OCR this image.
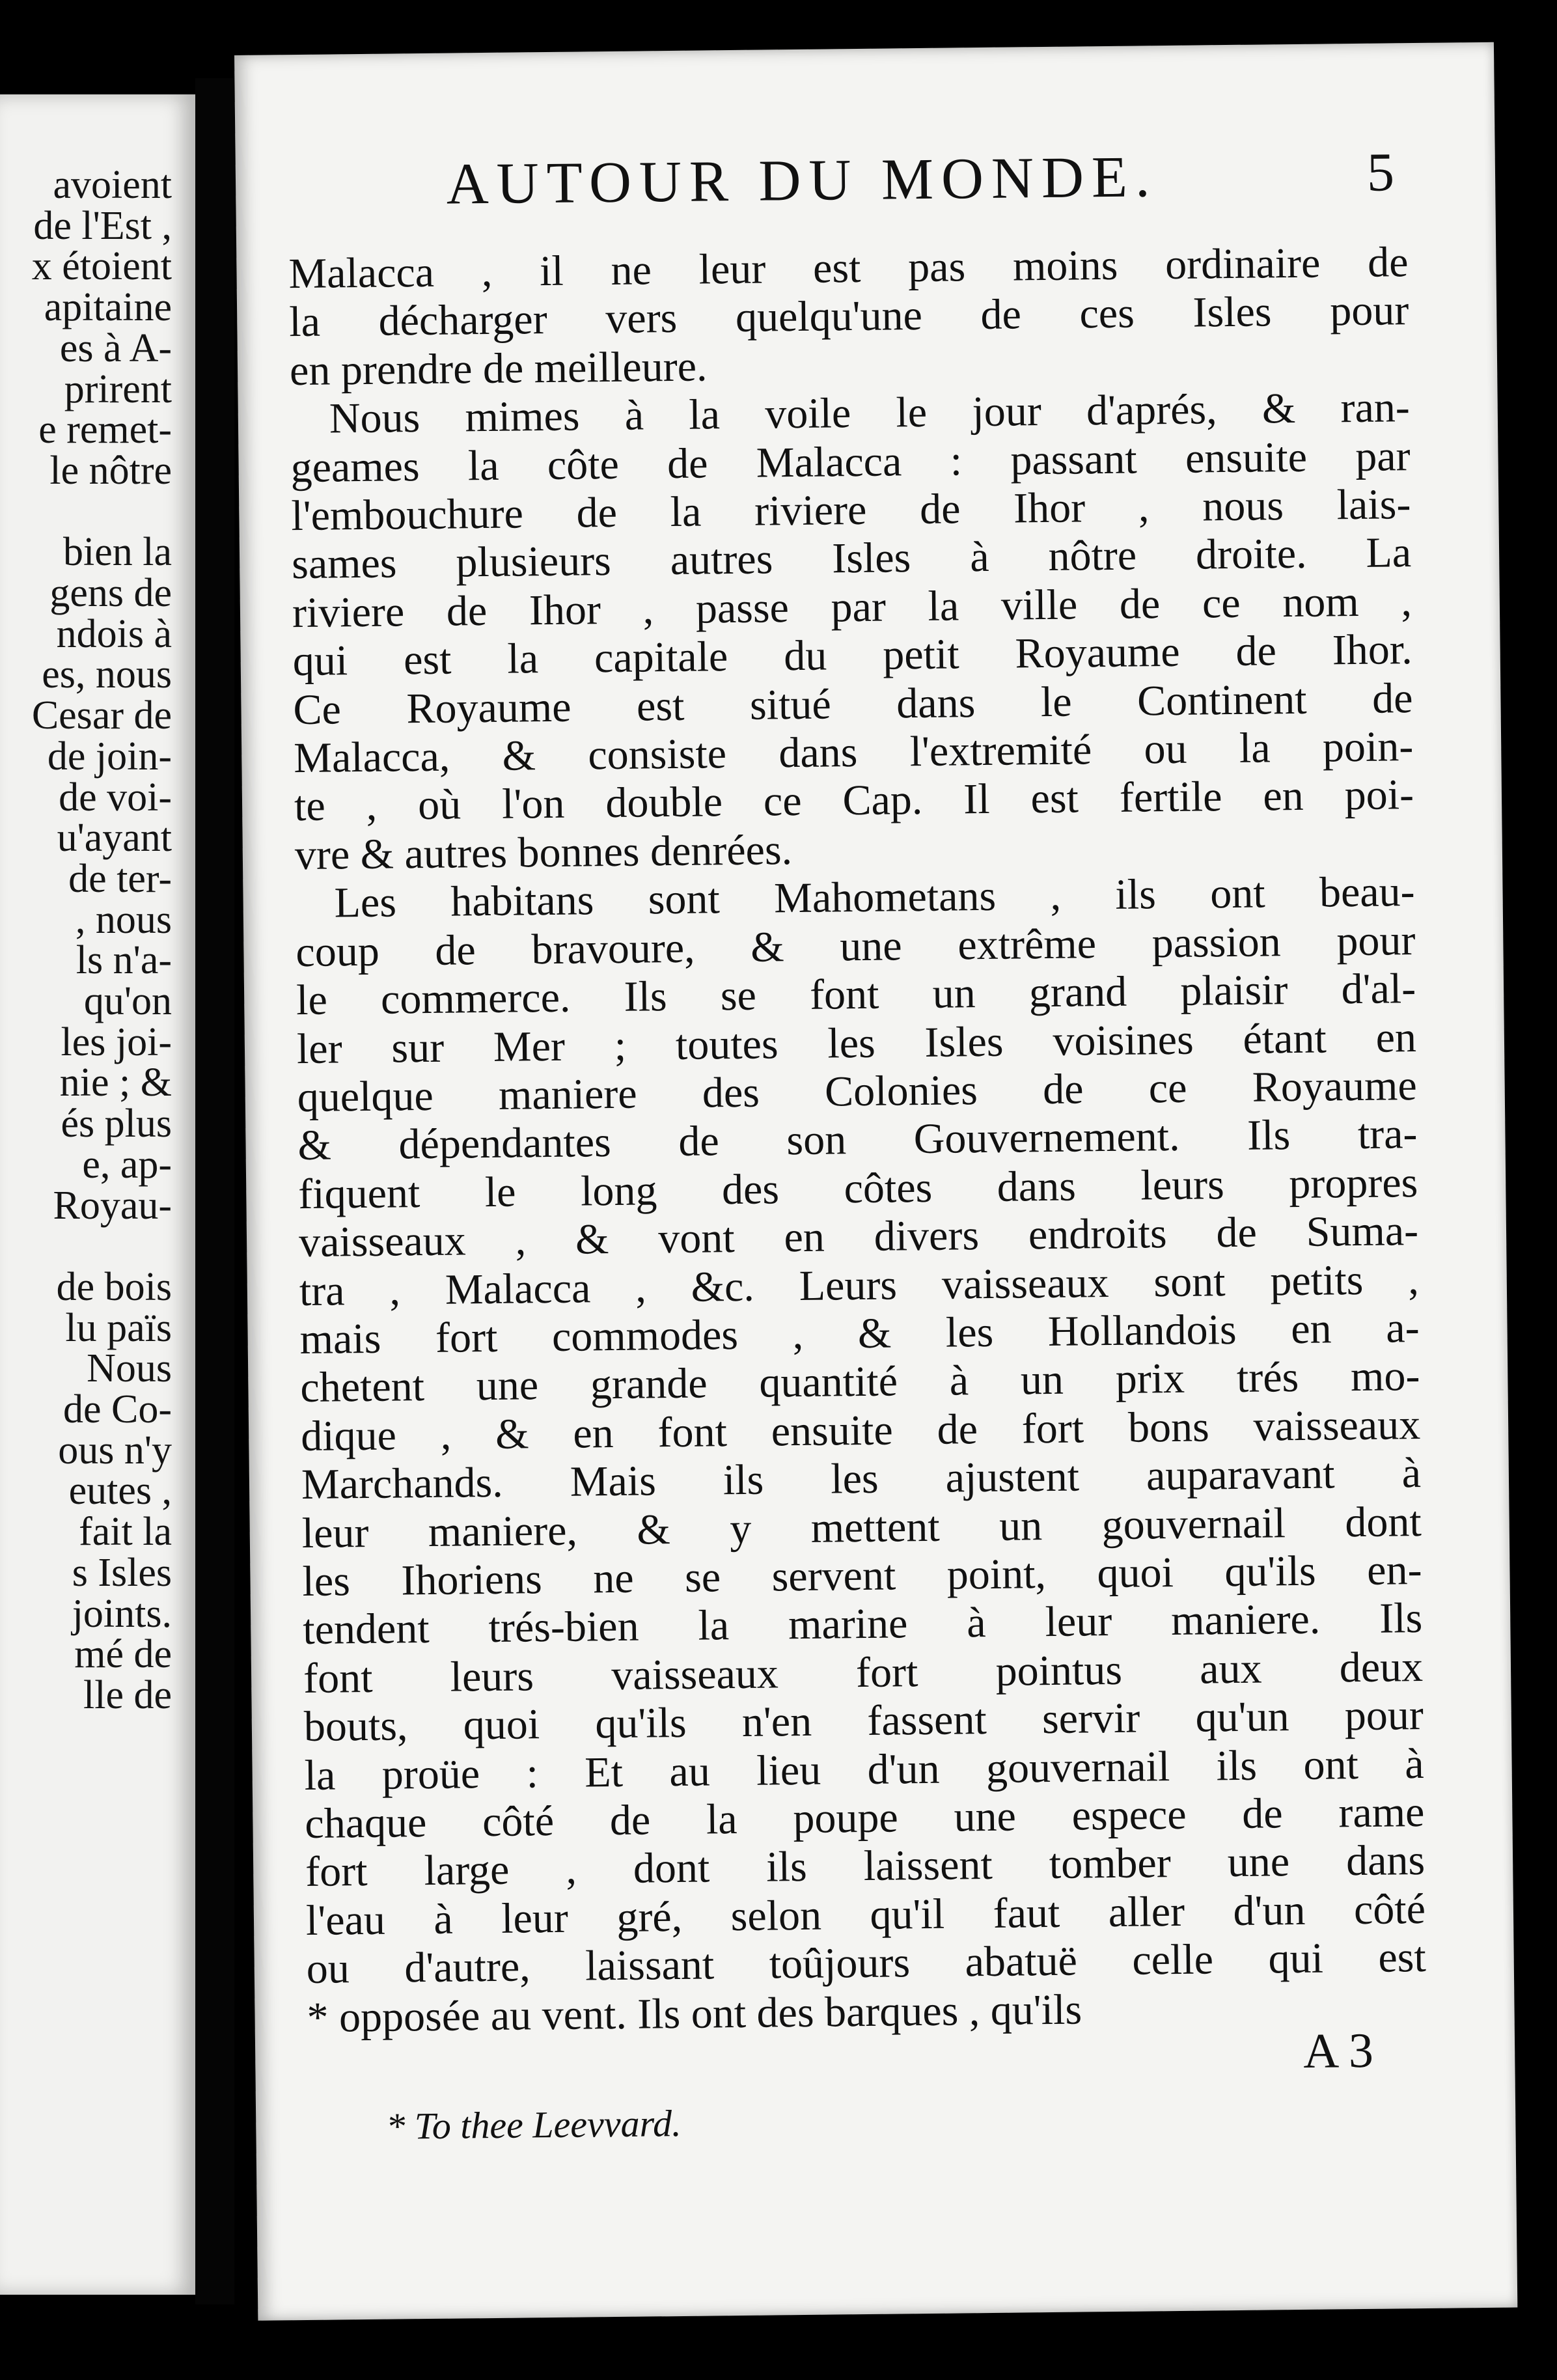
avoient
de l'Est ,
x étoient
apitaine
es à A-
prirent
e remet-
le nôtre
bien la
gens de
ndois à
es, nous
Cesar de
de join-
de voi-
u'ayant
de ter-
, nous
ls n'a-
qu'on
les joi-
nie ; &
és plus
e, ap-
Royau-
de bois
lu païs
Nous
de Co-
ous n'y
eutes ,
fait la
s Isles
joints.
mé de
lle de
AUTOUR DU MONDE.	5
Malacca , il ne leur est pas moins ordinaire de
la décharger vers quelqu'une de ces Isles pour
en prendre de meilleure.
Nous mimes à la voile le jour d'aprés, & ran-
geames la côte de Malacca : passant ensuite par
l'embouchure de la riviere de Ihor , nous lais-
sames plusieurs autres Isles à nôtre droite. La
riviere de Ihor , passe par la ville de ce nom ,
qui est la capitale du petit Royaume de Ihor.
Ce Royaume est situé dans le Continent de
Malacca, & consiste dans l'extremité ou la poin-
te , où l'on double ce Cap. Il est fertile en poi-
vre & autres bonnes denrées.
Les habitans sont Mahometans , ils ont beau-
coup de bravoure, & une extrême passion pour
le commerce. Ils se font un grand plaisir d'al-
ler sur Mer ; toutes les Isles voisines étant en
quelque maniere des Colonies de ce Royaume
& dépendantes de son Gouvernement. Ils tra-
fiquent le long des côtes dans leurs propres
vaisseaux , & vont en divers endroits de Suma-
tra , Malacca , &c. Leurs vaisseaux sont petits ,
mais fort commodes , & les Hollandois en a-
chetent une grande quantité à un prix trés mo-
dique , & en font ensuite de fort bons vaisseaux
Marchands. Mais ils les ajustent auparavant à
leur maniere, & y mettent un gouvernail dont
les Ihoriens ne se servent point, quoi qu'ils en-
tendent trés-bien la marine à leur maniere. Ils
font leurs vaisseaux fort pointus aux deux
bouts, quoi qu'ils n'en fassent servir qu'un pour
la proüe : Et au lieu d'un gouvernail ils ont à
chaque côté de la poupe une espece de rame
fort large , dont ils laissent tomber une dans
l'eau à leur gré, selon qu'il faut aller d'un côté
ou d'autre, laissant toûjours abatuë celle qui est
* opposée au vent. Ils ont des barques , qu'ils
A 3
* To thee Leevvard.
